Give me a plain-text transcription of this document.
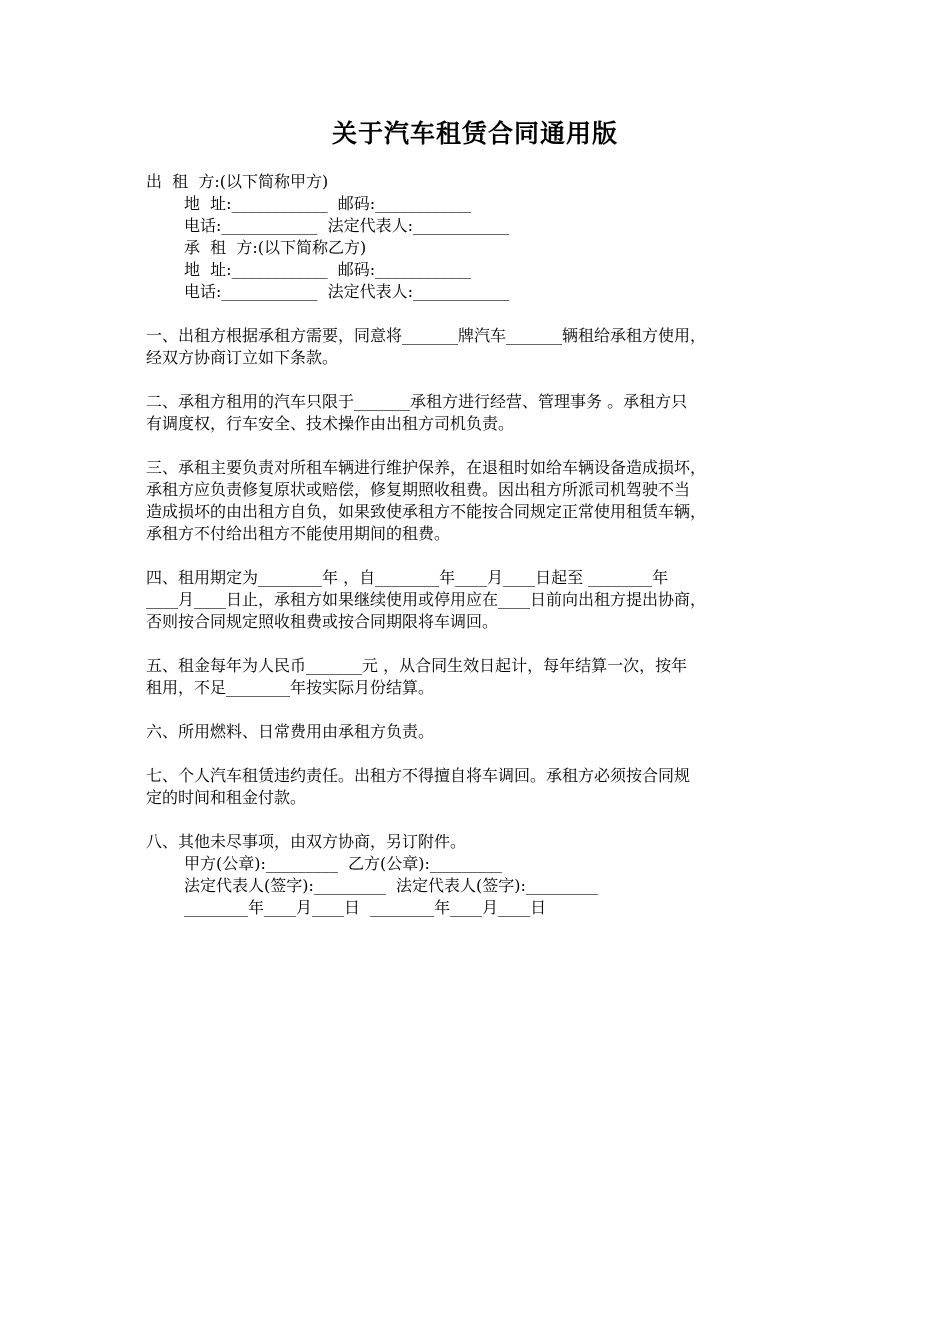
关于汽车租赁合同通用版
出  租  方:(以下简称甲方)
地  址:____________  邮码:____________
电话:____________  法定代表人:____________
承  租  方:(以下简称乙方)
地  址:____________  邮码:____________
电话:____________  法定代表人:____________
一、出租方根据承租方需要，同意将_______牌汽车_______辆租给承租方使用，
经双方协商订立如下条款。
二、承租方租用的汽车只限于_______承租方进行经营、管理事务 。承租方只
有调度权，行车安全、技术操作由出租方司机负责。
三、承租主要负责对所租车辆进行维护保养，在退租时如给车辆设备造成损坏，
承租方应负责修复原状或赔偿，修复期照收租费。因出租方所派司机驾驶不当
造成损坏的由出租方自负，如果致使承租方不能按合同规定正常使用租赁车辆，
承租方不付给出租方不能使用期间的租费。
四、租用期定为________年 ，自________年____月____日起至 ________年
____月____日止，承租方如果继续使用或停用应在____日前向出租方提出协商，
否则按合同规定照收租费或按合同期限将车调回。
五、租金每年为人民币_______元 ，从合同生效日起计，每年结算一次，按年
租用，不足________年按实际月份结算。
六、所用燃料、日常费用由承租方负责。
七、个人汽车租赁违约责任。出租方不得擅自将车调回。承租方必须按合同规
定的时间和租金付款。
八、其他未尽事项，由双方协商，另订附件。
甲方(公章):_________  乙方(公章):_________
法定代表人(签字):_________  法定代表人(签字):_________
________年____月____日  ________年____月____日
